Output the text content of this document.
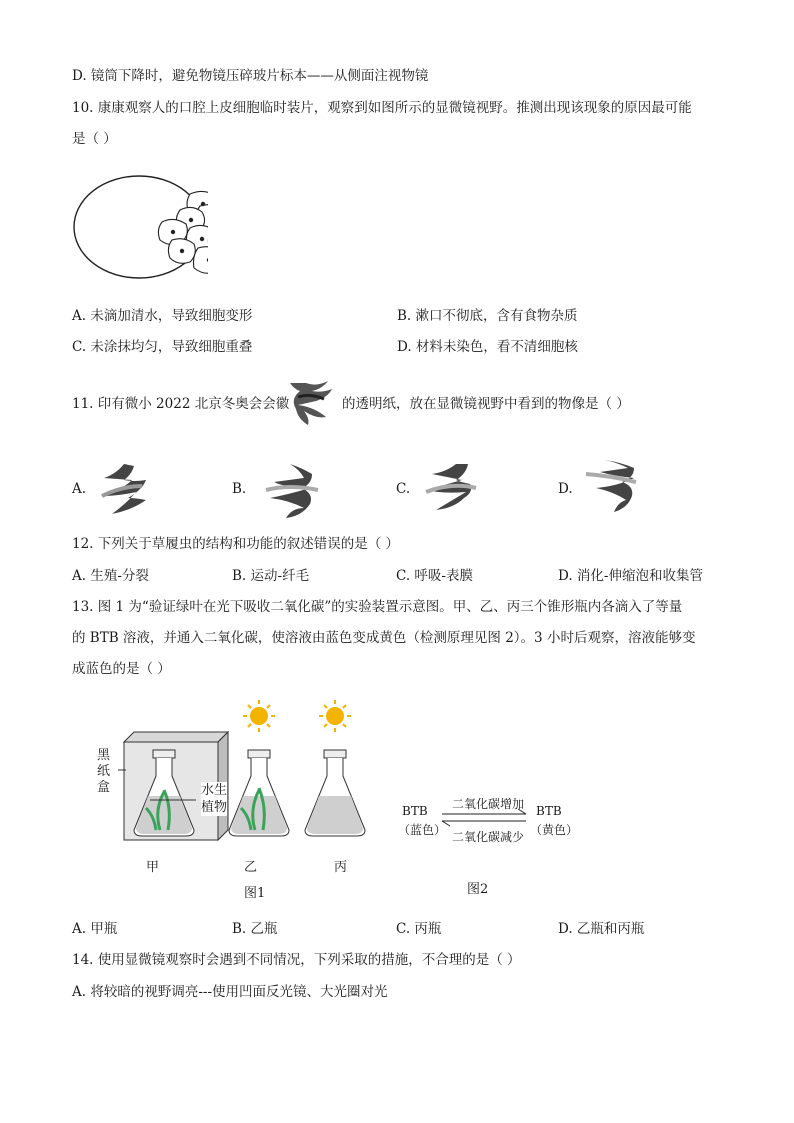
D. 镜筒下降时，避免物镜压碎玻片标本——从侧面注视物镜
10. 康康观察人的口腔上皮细胞临时装片，观察到如图所示的显微镜视野。推测出现该现象的原因最可能
是（ ）
A. 未滴加清水，导致细胞变形	B. 漱口不彻底，含有食物杂质
C. 未涂抹均匀，导致细胞重叠	D. 材料未染色，看不清细胞核
11. 印有微小 2022 北京冬奥会会徽	的透明纸，放在显微镜视野中看到的物像是（ ）
A.	B.	C.	D.
12. 下列关于草履虫的结构和功能的叙述错误的是（ ）
A. 生殖-分裂	B. 运动-纤毛	C. 呼吸-表膜	D. 消化-伸缩泡和收集管
13. 图 1 为“验证绿叶在光下吸收二氧化碳”的实验装置示意图。甲、乙、丙三个锥形瓶内各滴入了等量
的 BTB 溶液，并通入二氧化碳，使溶液由蓝色变成黄色（检测原理见图 2）。3 小时后观察，溶液能够变
成蓝色的是（ ）
黑
纸
盒	水生
植物
甲	乙	丙
图1
BTB
（蓝色）
BTB
（黄色）
二氧化碳增加
二氧化碳减少
图2
A. 甲瓶	B. 乙瓶	C. 丙瓶	D. 乙瓶和丙瓶
14. 使用显微镜观察时会遇到不同情况，下列采取的措施，不合理的是（ ）
A. 将较暗的视野调亮---使用凹面反光镜、大光圈对光
